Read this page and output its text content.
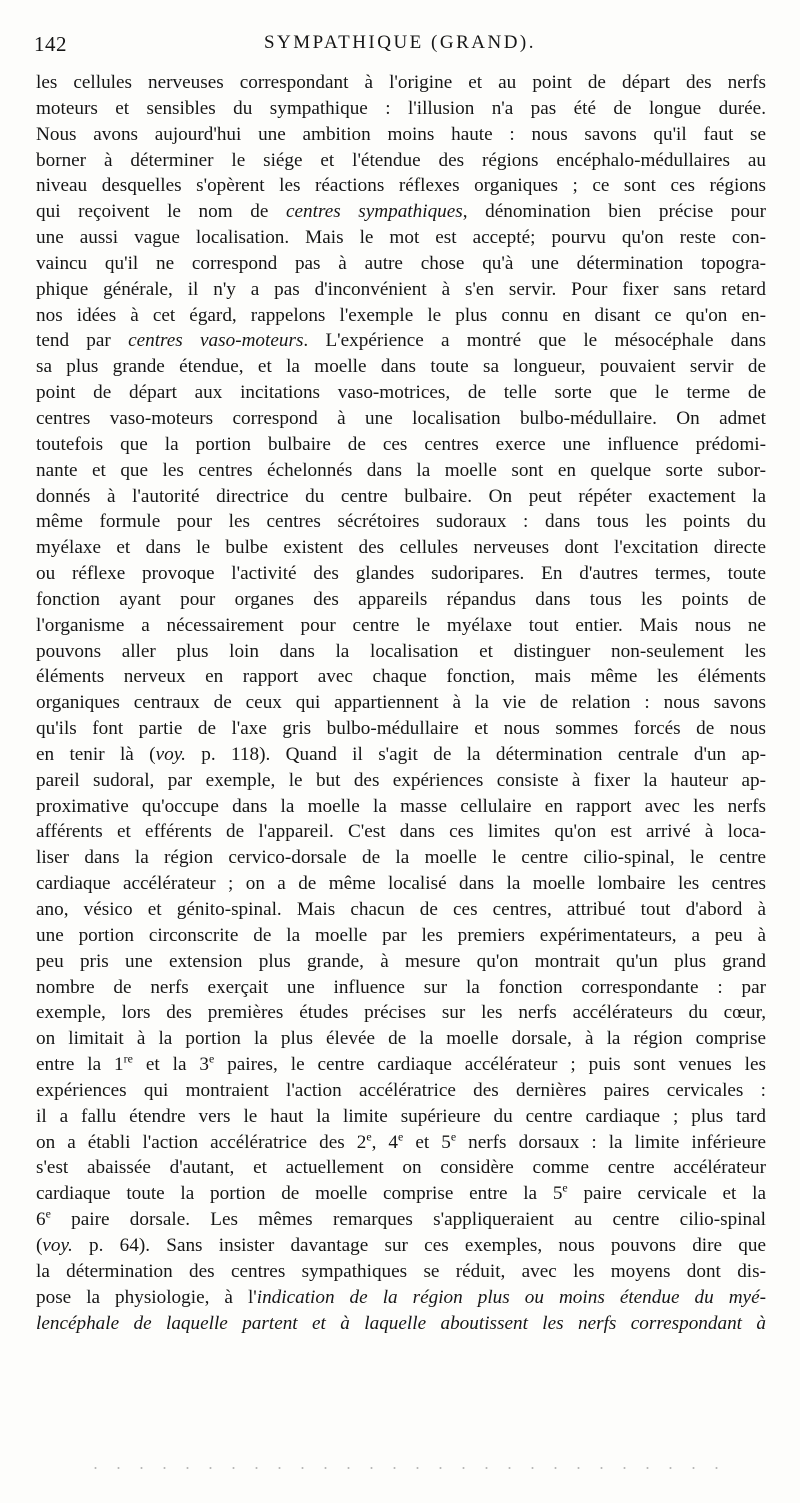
142	SYMPATHIQUE (GRAND).
les cellules nerveuses correspondant à l'origine et au point de départ des nerfs
moteurs et sensibles du sympathique : l'illusion n'a pas été de longue durée.
Nous avons aujourd'hui une ambition moins haute : nous savons qu'il faut se
borner à déterminer le siége et l'étendue des régions encéphalo-médullaires au
niveau desquelles s'opèrent les réactions réflexes organiques ; ce sont ces régions
qui reçoivent le nom de centres sympathiques, dénomination bien précise pour
une aussi vague localisation. Mais le mot est accepté; pourvu qu'on reste con-
vaincu qu'il ne correspond pas à autre chose qu'à une détermination topogra-
phique générale, il n'y a pas d'inconvénient à s'en servir. Pour fixer sans retard
nos idées à cet égard, rappelons l'exemple le plus connu en disant ce qu'on en-
tend par centres vaso-moteurs. L'expérience a montré que le mésocéphale dans
sa plus grande étendue, et la moelle dans toute sa longueur, pouvaient servir de
point de départ aux incitations vaso-motrices, de telle sorte que le terme de
centres vaso-moteurs correspond à une localisation bulbo-médullaire. On admet
toutefois que la portion bulbaire de ces centres exerce une influence prédomi-
nante et que les centres échelonnés dans la moelle sont en quelque sorte subor-
donnés à l'autorité directrice du centre bulbaire. On peut répéter exactement la
même formule pour les centres sécrétoires sudoraux : dans tous les points du
myélaxe et dans le bulbe existent des cellules nerveuses dont l'excitation directe
ou réflexe provoque l'activité des glandes sudoripares. En d'autres termes, toute
fonction ayant pour organes des appareils répandus dans tous les points de
l'organisme a nécessairement pour centre le myélaxe tout entier. Mais nous ne
pouvons aller plus loin dans la localisation et distinguer non-seulement les
éléments nerveux en rapport avec chaque fonction, mais même les éléments
organiques centraux de ceux qui appartiennent à la vie de relation : nous savons
qu'ils font partie de l'axe gris bulbo-médullaire et nous sommes forcés de nous
en tenir là (voy. p. 118). Quand il s'agit de la détermination centrale d'un ap-
pareil sudoral, par exemple, le but des expériences consiste à fixer la hauteur ap-
proximative qu'occupe dans la moelle la masse cellulaire en rapport avec les nerfs
afférents et efférents de l'appareil. C'est dans ces limites qu'on est arrivé à loca-
liser dans la région cervico-dorsale de la moelle le centre cilio-spinal, le centre
cardiaque accélérateur ; on a de même localisé dans la moelle lombaire les centres
ano, vésico et génito-spinal. Mais chacun de ces centres, attribué tout d'abord à
une portion circonscrite de la moelle par les premiers expérimentateurs, a peu à
peu pris une extension plus grande, à mesure qu'on montrait qu'un plus grand
nombre de nerfs exerçait une influence sur la fonction correspondante : par
exemple, lors des premières études précises sur les nerfs accélérateurs du cœur,
on limitait à la portion la plus élevée de la moelle dorsale, à la région comprise
entre la 1re et la 3e paires, le centre cardiaque accélérateur ; puis sont venues les
expériences qui montraient l'action accélératrice des dernières paires cervicales :
il a fallu étendre vers le haut la limite supérieure du centre cardiaque ; plus tard
on a établi l'action accélératrice des 2e, 4e et 5e nerfs dorsaux : la limite inférieure
s'est abaissée d'autant, et actuellement on considère comme centre accélérateur
cardiaque toute la portion de moelle comprise entre la 5e paire cervicale et la
6e paire dorsale. Les mêmes remarques s'appliqueraient au centre cilio-spinal
(voy. p. 64). Sans insister davantage sur ces exemples, nous pouvons dire que
la détermination des centres sympathiques se réduit, avec les moyens dont dis-
pose la physiologie, à l'indication de la région plus ou moins étendue du myé-
lencéphale de laquelle partent et à laquelle aboutissent les nerfs correspondant à
